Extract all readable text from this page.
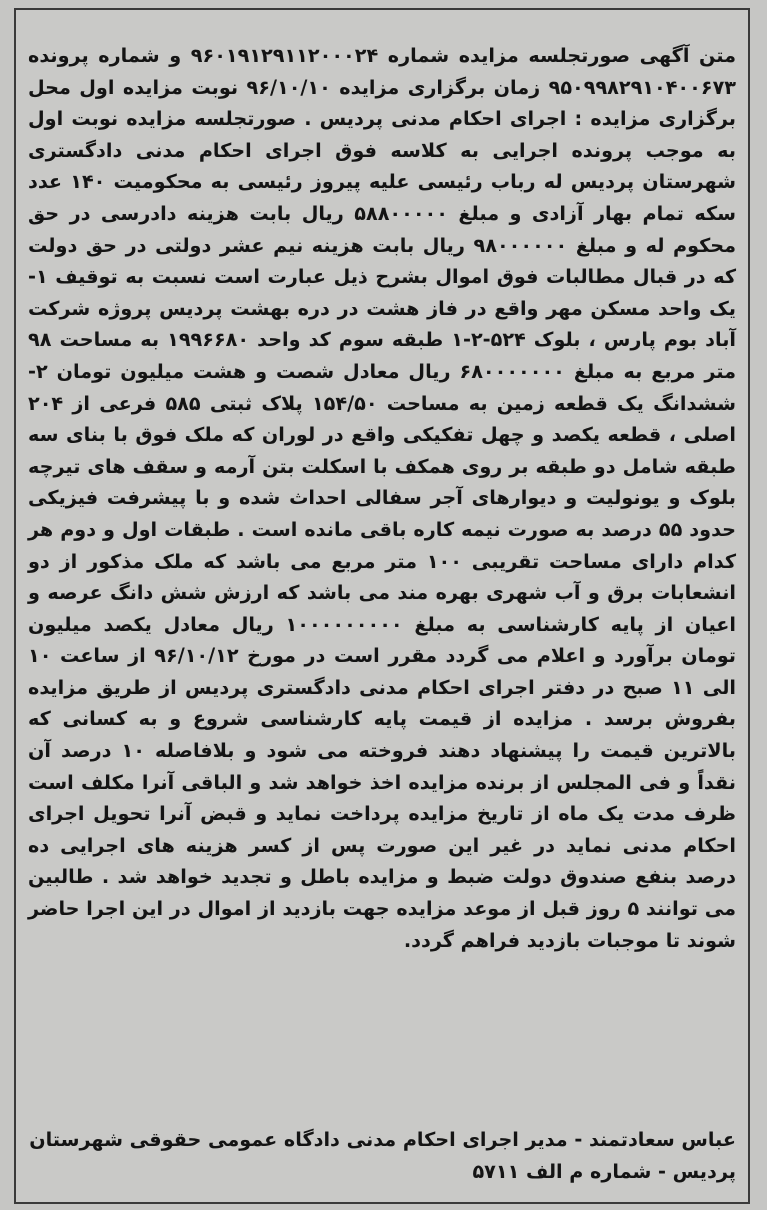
متن آگهی صورتجلسه مزایده شماره ۹۶۰۱۹۱۲۹۱۱۲۰۰۰۲۴ و شماره پرونده ۹۵۰۹۹۸۲۹۱۰۴۰۰۶۷۳ زمان برگزاری مزایده ۹۶/۱۰/۱۰ نوبت مزایده اول محل برگزاری مزایده : اجرای احکام مدنی پردیس . صورتجلسه مزایده نوبت اول به موجب پرونده اجرایی به کلاسه فوق اجرای احکام مدنی دادگستری شهرستان پردیس له رباب رئیسی علیه پیروز رئیسی به محکومیت ۱۴۰ عدد سکه تمام بهار آزادی و مبلغ ۵۸۸۰۰۰۰۰ ریال بابت هزینه دادرسی در حق محکوم له و مبلغ ۹۸۰۰۰۰۰۰ ریال بابت هزینه نیم عشر دولتی در حق دولت که در قبال مطالبات فوق اموال بشرح ذیل عبارت است نسبت به توقیف ۱- یک واحد مسکن مهر واقع در فاز هشت در دره بهشت پردیس پروژه شرکت آباد بوم پارس ، بلوک ۵۲۴-۲-۱ طبقه سوم کد واحد ۱۹۹۶۶۸۰ به مساحت ۹۸ متر مربع به مبلغ ۶۸۰۰۰۰۰۰۰ ریال معادل شصت و هشت میلیون تومان ۲- ششدانگ یک قطعه زمین به مساحت ۱۵۴/۵۰ پلاک ثبتی ۵۸۵ فرعی از ۲۰۴ اصلی ، قطعه یکصد و چهل تفکیکی واقع در لوران که ملک فوق با بنای سه طبقه شامل دو طبقه بر روی همکف با اسکلت بتن آرمه و سقف های تیرچه بلوک و یونولیت و دیوارهای آجر سفالی احداث شده و با پیشرفت فیزیکی حدود ۵۵ درصد به صورت نیمه کاره باقی مانده است . طبقات اول و دوم هر کدام دارای مساحت تقریبی ۱۰۰ متر مربع می باشد که ملک مذکور از دو انشعابات برق و آب شهری بهره مند می باشد که ارزش شش دانگ عرصه و اعیان از پایه کارشناسی به مبلغ ۱۰۰۰۰۰۰۰۰۰ ریال معادل یکصد میلیون تومان برآورد و اعلام می گردد مقرر است در مورخ ۹۶/۱۰/۱۲ از ساعت ۱۰ الی ۱۱ صبح در دفتر اجرای احکام مدنی دادگستری پردیس از طریق مزایده بفروش برسد . مزایده از قیمت پایه کارشناسی شروع و به کسانی که بالاترین قیمت را پیشنهاد دهند فروخته می شود و بلافاصله ۱۰ درصد آن نقداً و فی المجلس از برنده مزایده اخذ خواهد شد و الباقی آنرا مکلف است ظرف مدت یک ماه از تاریخ مزایده پرداخت نماید و قبض آنرا تحویل اجرای احکام مدنی نماید در غیر این صورت پس از کسر هزینه های اجرایی ده درصد بنفع صندوق دولت ضبط و مزایده باطل و تجدید خواهد شد . طالبین می توانند ۵ روز قبل از موعد مزایده جهت بازدید از اموال در این اجرا حاضر شوند تا موجبات بازدید فراهم گردد.

عباس سعادتمند - مدیر اجرای احکام مدنی دادگاه عمومی حقوقی شهرستان پردیس - شماره م الف ۵۷۱۱
